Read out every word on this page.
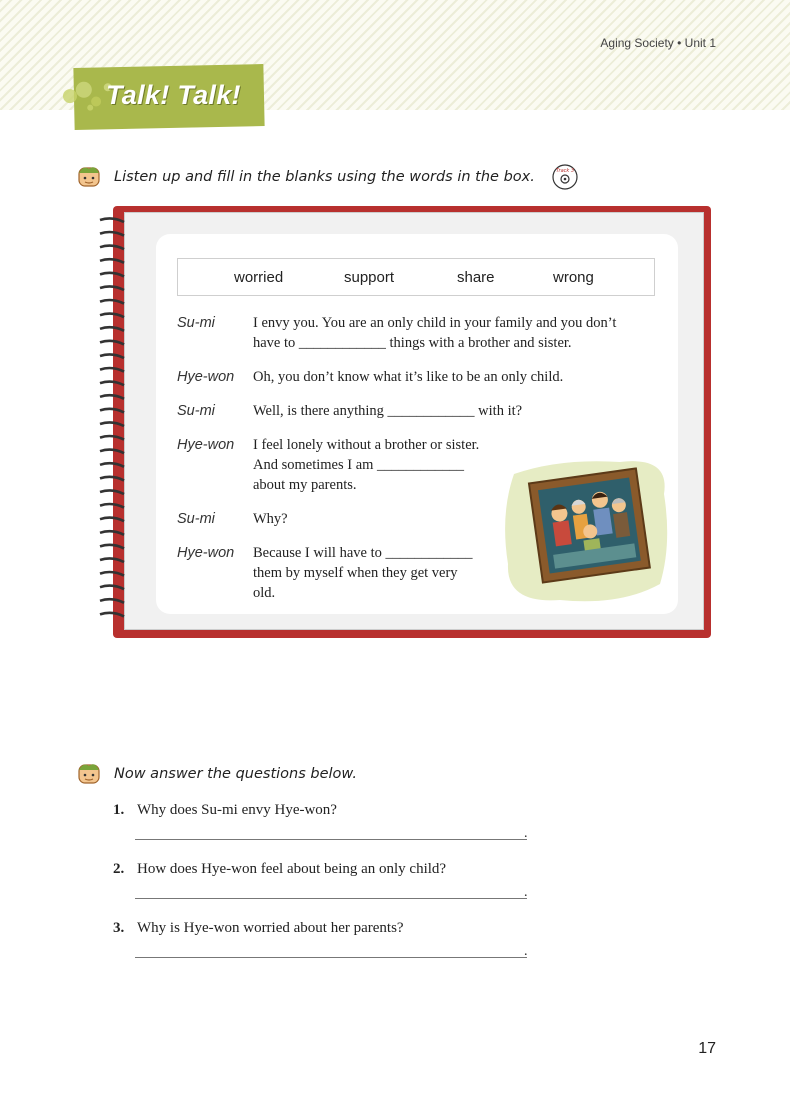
Aging Society • Unit 1
Talk! Talk!
Listen up and fill in the blanks using the words in the box.	Track 3
worried	support	share	wrong
Su-mi	I envy you. You are an only child in your family and you don’t
have to ____________ things with a brother and sister.
Hye-won	Oh, you don’t know what it’s like to be an only child.
Su-mi	Well, is there anything ____________ with it?
Hye-won	I feel lonely without a brother or sister.
And sometimes I am ____________
about my parents.
Su-mi	Why?
Hye-won	Because I will have to ____________
them by myself when they get very
old.
Now answer the questions below.
1. Why does Su-mi envy Hye-won?
.
2. How does Hye-won feel about being an only child?
.
3. Why is Hye-won worried about her parents?
.
17
